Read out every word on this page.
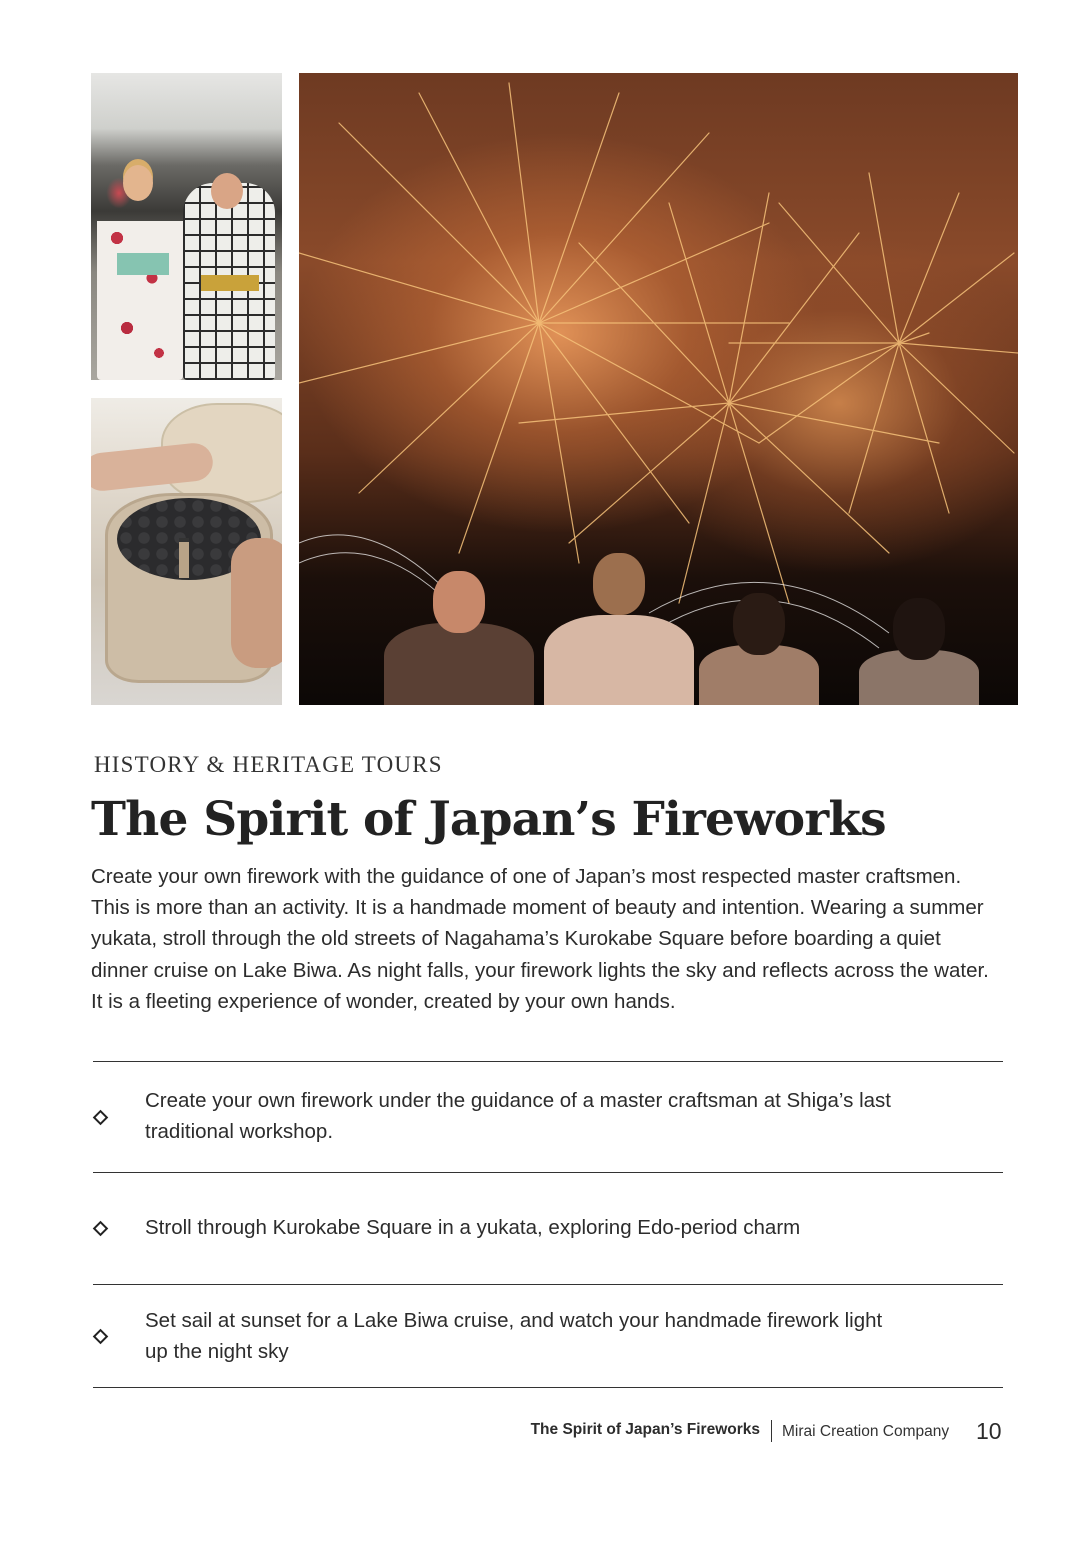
HISTORY & HERITAGE TOURS
The Spirit of Japan’s Fireworks

Create your own firework with the guidance of one of Japan’s most respected master craftsmen. This is more than an activity. It is a handmade moment of beauty and intention. Wearing a summer yukata, stroll through the old streets of Nagahama’s Kurokabe Square before boarding a quiet dinner cruise on Lake Biwa. As night falls, your firework lights the sky and reflects across the water. It is a fleeting experience of wonder, created by your own hands.

Create your own firework under the guidance of a master craftsman at Shiga’s last traditional workshop.
Stroll through Kurokabe Square in a yukata, exploring Edo-period charm
Set sail at sunset for a Lake Biwa cruise, and watch your handmade firework light up the night sky
The Spirit of Japan’s Fireworks Mirai Creation Company 10
